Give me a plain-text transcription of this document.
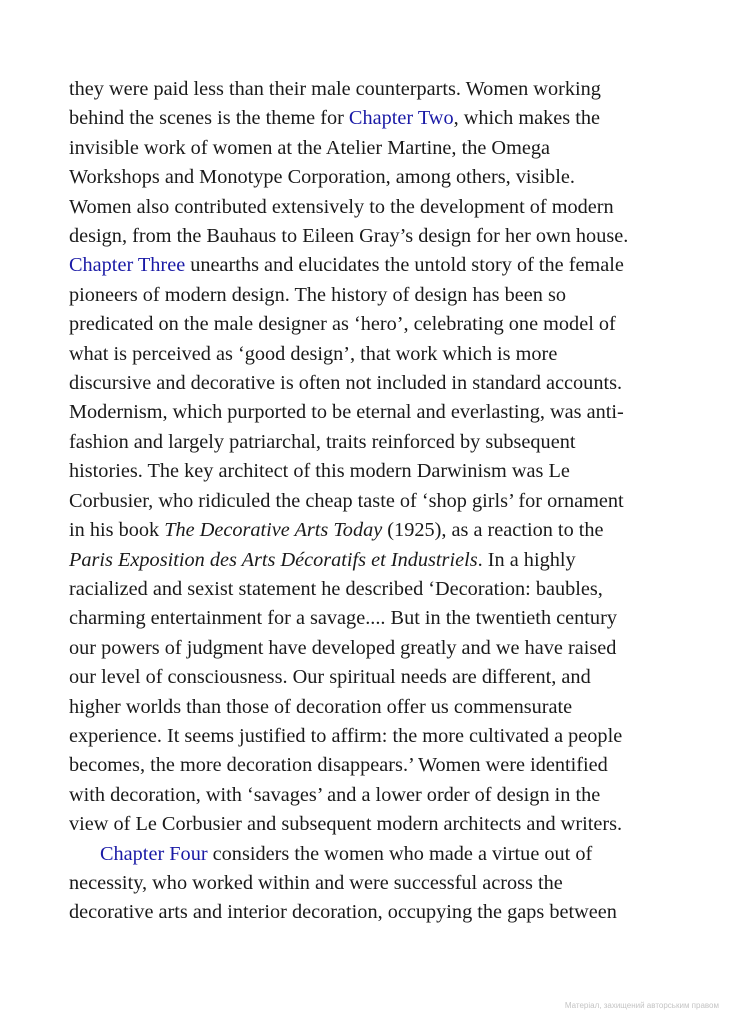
they were paid less than their male counterparts. Women working
behind the scenes is the theme for Chapter Two, which makes the
invisible work of women at the Atelier Martine, the Omega
Workshops and Monotype Corporation, among others, visible.
Women also contributed extensively to the development of modern
design, from the Bauhaus to Eileen Gray’s design for her own house.
Chapter Three unearths and elucidates the untold story of the female
pioneers of modern design. The history of design has been so
predicated on the male designer as ‘hero’, celebrating one model of
what is perceived as ‘good design’, that work which is more
discursive and decorative is often not included in standard accounts.
Modernism, which purported to be eternal and everlasting, was anti-
fashion and largely patriarchal, traits reinforced by subsequent
histories. The key architect of this modern Darwinism was Le
Corbusier, who ridiculed the cheap taste of ‘shop girls’ for ornament
in his book The Decorative Arts Today (1925), as a reaction to the
Paris Exposition des Arts Décoratifs et Industriels. In a highly
racialized and sexist statement he described ‘Decoration: baubles,
charming entertainment for a savage.... But in the twentieth century
our powers of judgment have developed greatly and we have raised
our level of consciousness. Our spiritual needs are different, and
higher worlds than those of decoration offer us commensurate
experience. It seems justified to affirm: the more cultivated a people
becomes, the more decoration disappears.’ Women were identified
with decoration, with ‘savages’ and a lower order of design in the
view of Le Corbusier and subsequent modern architects and writers.
Chapter Four considers the women who made a virtue out of
necessity, who worked within and were successful across the
decorative arts and interior decoration, occupying the gaps between
Матеріал, захищений авторським правом
